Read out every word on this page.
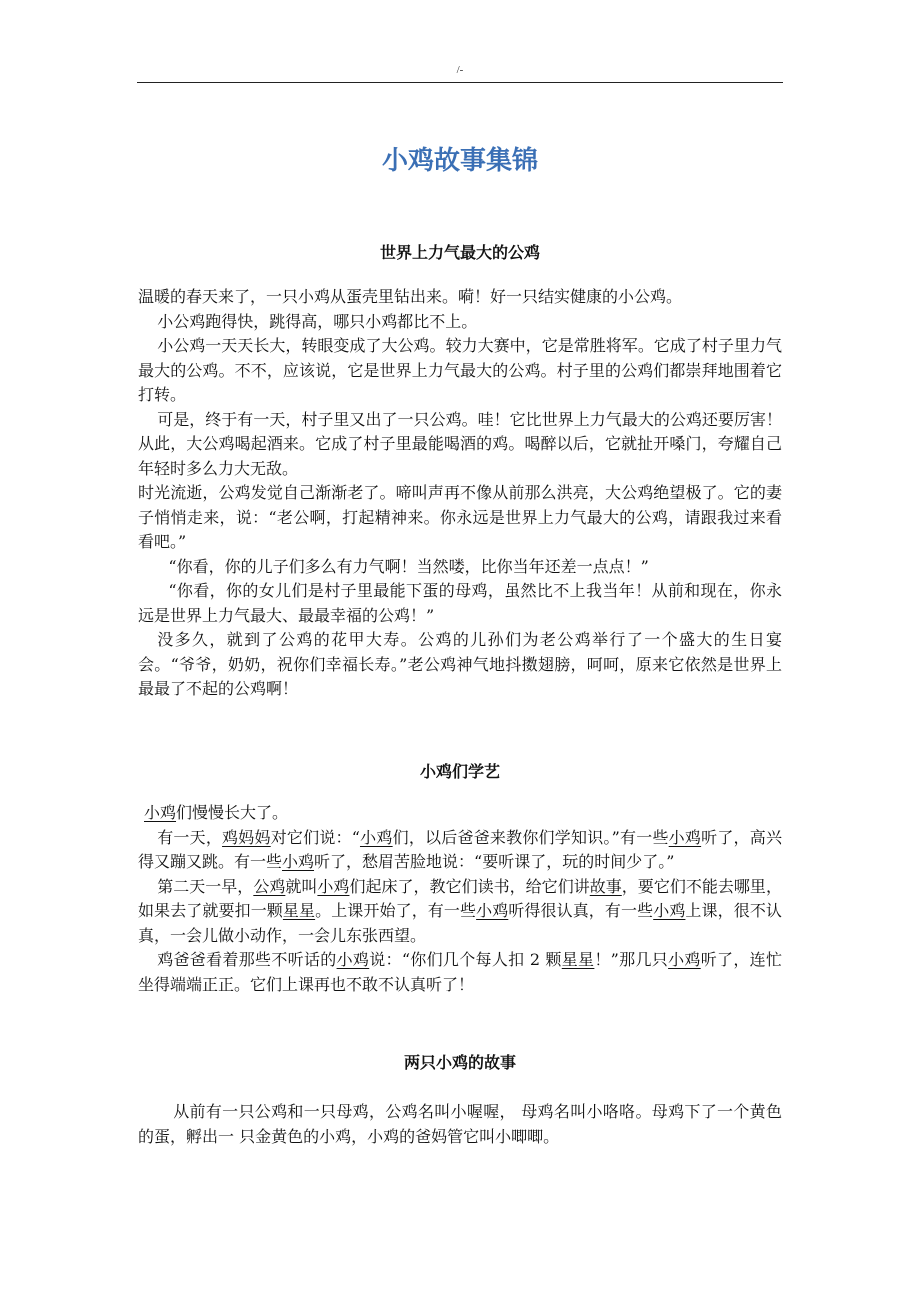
/-
小鸡故事集锦
世界上力气最大的公鸡

温暖的春天来了，一只小鸡从蛋壳里钻出来。嗬！好一只结实健康的小公鸡。

小公鸡跑得快，跳得高，哪只小鸡都比不上。

小公鸡一天天长大，转眼变成了大公鸡。较力大赛中，它是常胜将军。它成了村子里力气最大的公鸡。不不，应该说，它是世界上力气最大的公鸡。村子里的公鸡们都崇拜地围着它打转。

可是，终于有一天，村子里又出了一只公鸡。哇！它比世界上力气最大的公鸡还要厉害！从此，大公鸡喝起酒来。它成了村子里最能喝酒的鸡。喝醉以后，它就扯开嗓门，夸耀自己年轻时多么力大无敌。

时光流逝，公鸡发觉自己渐渐老了。啼叫声再不像从前那么洪亮，大公鸡绝望极了。它的妻子悄悄走来，说：“老公啊，打起精神来。你永远是世界上力气最大的公鸡，请跟我过来看看吧。”

“你看，你的儿子们多么有力气啊！当然喽，比你当年还差一点点！”

“你看，你的女儿们是村子里最能下蛋的母鸡，虽然比不上我当年！从前和现在，你永远是世界上力气最大、最最幸福的公鸡！”

没多久，就到了公鸡的花甲大寿。公鸡的儿孙们为老公鸡举行了一个盛大的生日宴会。“爷爷，奶奶，祝你们幸福长寿。”老公鸡神气地抖擞翅膀，呵呵，原来它依然是世界上最最了不起的公鸡啊！

小鸡们学艺

小鸡们慢慢长大了。

有一天，鸡妈妈对它们说：“小鸡们，以后爸爸来教你们学知识。”有一些小鸡听了，高兴得又蹦又跳。有一些小鸡听了，愁眉苦脸地说：“要听课了，玩的时间少了。”

第二天一早，公鸡就叫小鸡们起床了，教它们读书，给它们讲故事，要它们不能去哪里，如果去了就要扣一颗星星。上课开始了，有一些小鸡听得很认真，有一些小鸡上课，很不认真，一会儿做小动作，一会儿东张西望。

鸡爸爸看着那些不听话的小鸡说：“你们几个每人扣 2 颗星星！”那几只小鸡听了，连忙坐得端端正正。它们上课再也不敢不认真听了！

两只小鸡的故事

从前有一只公鸡和一只母鸡，公鸡名叫小喔喔， 母鸡名叫小咯咯。母鸡下了一个黄色的蛋，孵出一 只金黄色的小鸡，小鸡的爸妈管它叫小唧唧。
